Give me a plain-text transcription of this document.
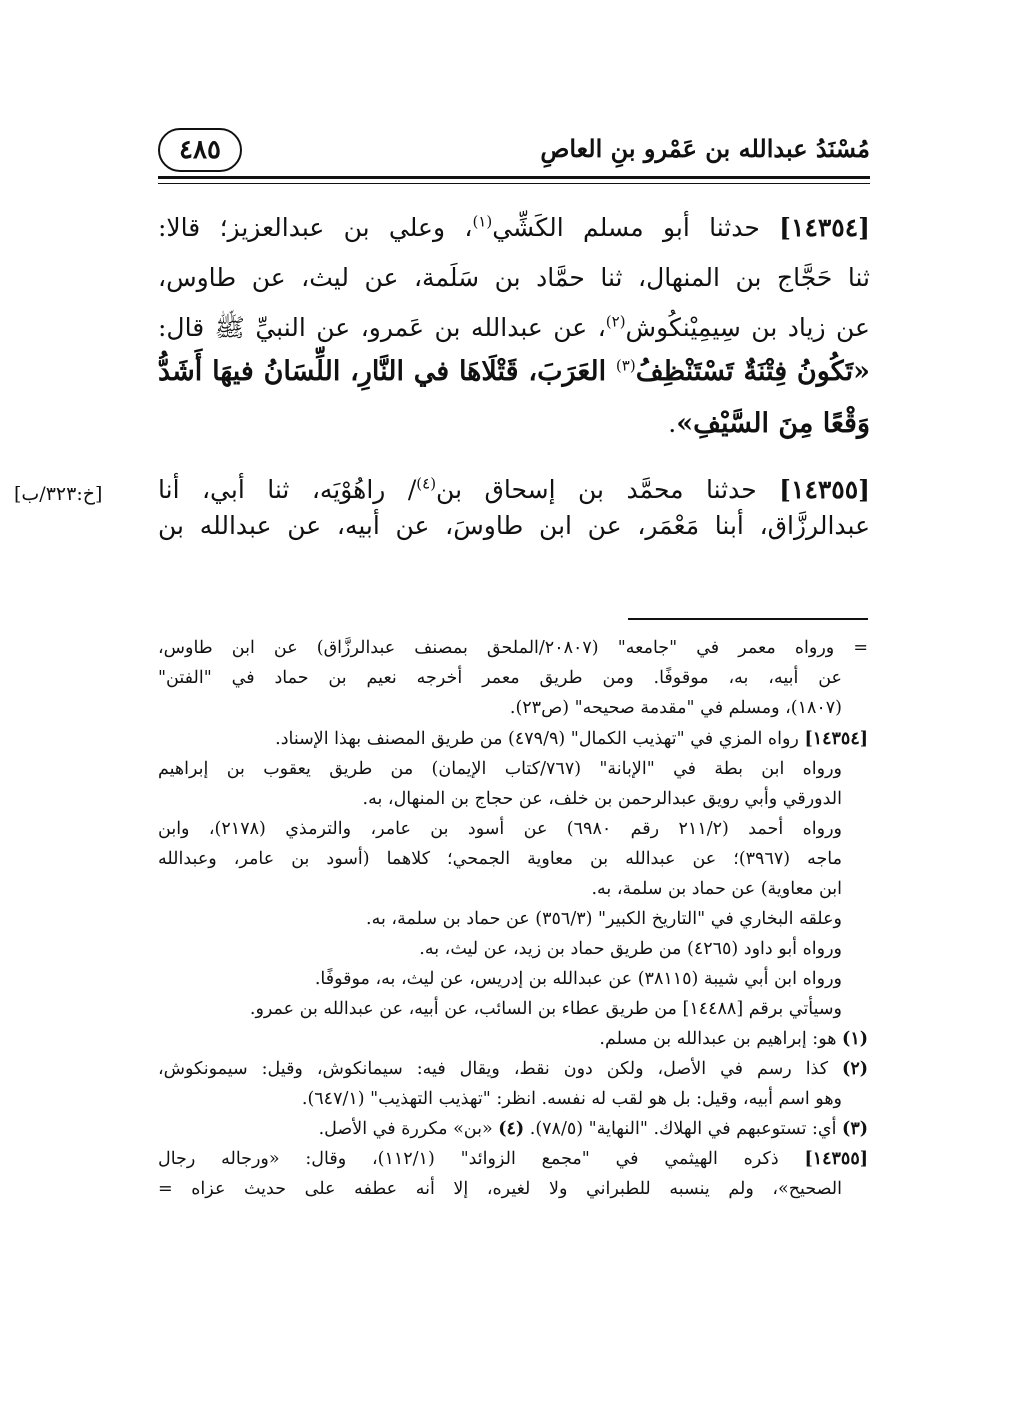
٤٨٥	مُسْنَدُ عبدالله بن عَمْرو بنِ العاصِ
[١٤٣٥٤] حدثنا أبو مسلم الكَشِّي$^{(١)}$، وعلي بن عبدالعزيز؛ قالا:
ثنا حَجَّاج بن المنهال، ثنا حمَّاد بن سَلَمة، عن ليث، عن طاوس،
عن زياد بن سِيمِيْنكُوش$^{(٢)}$، عن عبدالله بن عَمرو، عن النبيِّ ﷺ قال:
«تَكُونُ فِتْنَةٌ تَسْتَنْظِفُ$^{(٣)}$ العَرَبَ، قَتْلَاهَا في النَّارِ، اللِّسَانُ فيهَا أَشَدُّ
وَقْعًا مِنَ السَّيْفِ».
[١٤٣٥٥] حدثنا محمَّد بن إسحاق بن$^{(٤)}$/ راهُوْيَه، ثنا أبي، أنا
عبدالرزَّاق، أبنا مَعْمَر، عن ابن طاوسَ، عن أبيه، عن عبدالله بن
[خ:٣٢٣/ب]
= ورواه معمر في "جامعه" (٢٠٨٠٧/الملحق بمصنف عبدالرزَّاق) عن ابن طاوس،
عن أبيه، به، موقوفًا. ومن طريق معمر أخرجه نعيم بن حماد في "الفتن"
(١٨٠٧)، ومسلم في "مقدمة صحيحه" (ص٢٣).
[١٤٣٥٤] رواه المزي في "تهذيب الكمال" (٤٧٩/٩) من طريق المصنف بهذا الإسناد.
ورواه ابن بطة في "الإبانة" (٧٦٧/كتاب الإيمان) من طريق يعقوب بن إبراهيم
الدورقي وأبي رويق عبدالرحمن بن خلف، عن حجاج بن المنهال، به.
ورواه أحمد (٢١١/٢ رقم ٦٩٨٠) عن أسود بن عامر، والترمذي (٢١٧٨)، وابن
ماجه (٣٩٦٧)؛ عن عبدالله بن معاوية الجمحي؛ كلاهما (أسود بن عامر، وعبدالله
ابن معاوية) عن حماد بن سلمة، به.
وعلقه البخاري في "التاريخ الكبير" (٣٥٦/٣) عن حماد بن سلمة، به.
ورواه أبو داود (٤٢٦٥) من طريق حماد بن زيد، عن ليث، به.
ورواه ابن أبي شيبة (٣٨١١٥) عن عبدالله بن إدريس، عن ليث، به، موقوفًا.
وسيأتي برقم [١٤٤٨٨] من طريق عطاء بن السائب، عن أبيه، عن عبدالله بن عمرو.
(١) هو: إبراهيم بن عبدالله بن مسلم.
(٢) كذا رسم في الأصل، ولكن دون نقط، ويقال فيه: سيمانكوش، وقيل: سيمونكوش،
وهو اسم أبيه، وقيل: بل هو لقب له نفسه. انظر: "تهذيب التهذيب" (٦٤٧/١).
(٣) أي: تستوعبهم في الهلاك. "النهاية" (٧٨/٥). (٤) «بن» مكررة في الأصل.
[١٤٣٥٥] ذكره الهيثمي في "مجمع الزوائد" (١١٢/١)، وقال: «ورجاله رجال
الصحيح»، ولم ينسبه للطبراني ولا لغيره، إلا أنه عطفه على حديث عزاه =
